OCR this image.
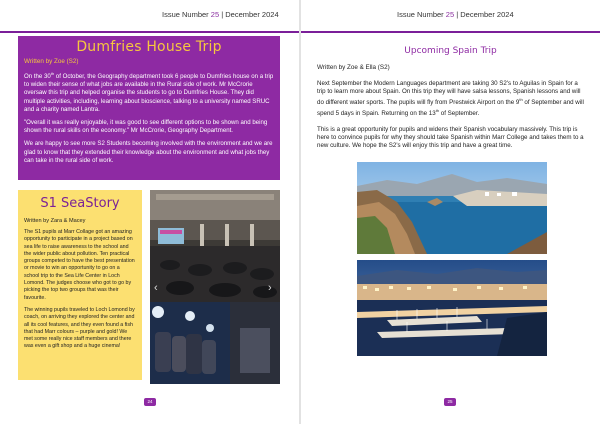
Issue Number 25 | December 2024
Dumfries House Trip
Written by Zoe (S2)

On the 30th of October, the Geography department took 6 people to Dumfries house on a trip to widen their sense of what jobs are available in the Rural side of work. Mr McCrorie oversaw this trip and helped organise the students to go to Dumfries House. They did multiple activities, including, learning about bioscience, talking to a university named SRUC and a charity named Lantra.

"Overall it was really enjoyable, it was good to see different options to be shown and being shown the rural skills on the economy." Mr McCrorie, Geography Department.

We are happy to see more S2 Students becoming involved with the environment and we are glad to know that they extended their knowledge about the environment and what jobs they can take in the rural side of work.

S1 SeaStory
Written by Zara & Macey

The S1 pupils at Marr Collage got an amazing opportunity to participate in a project based on sea life to raise awareness to the school and the wider public about pollution. Ten practical groups competed to have the best presentation or movie to win an opportunity to go on a school trip to the Sea Life Center in Loch Lomond. The judges choose who got to go by picking the top two groups that was their favourite.

The winning pupils traveled to Loch Lomond by coach, on arriving they explored the center and all its cool features, and they even found a fish that had Marr colours – purple and gold! We met some really nice staff members and there was even a gift shop and a huge cinema!

‹	›
SEASTO
24
Issue Number 25 | December 2024
Upcoming Spain Trip
Written by Zoe & Ella (S2)
Next September the Modern Languages department are taking 30 S2's to Aguilas in Spain for a trip to learn more about Spain. On this trip they will have salsa lessons, Spanish lessons and will do different water sports. The pupils will fly from Prestwick Airport on the 9th of September and will spend 5 days in Spain. Returning on the 13th of September.
This is a great opportunity for pupils and widens their Spanish vocabulary massively. This trip is here to convince pupils for why they should take Spanish within Marr College and takes them to a new culture. We hope the S2's will enjoy this trip and have a great time.
25
